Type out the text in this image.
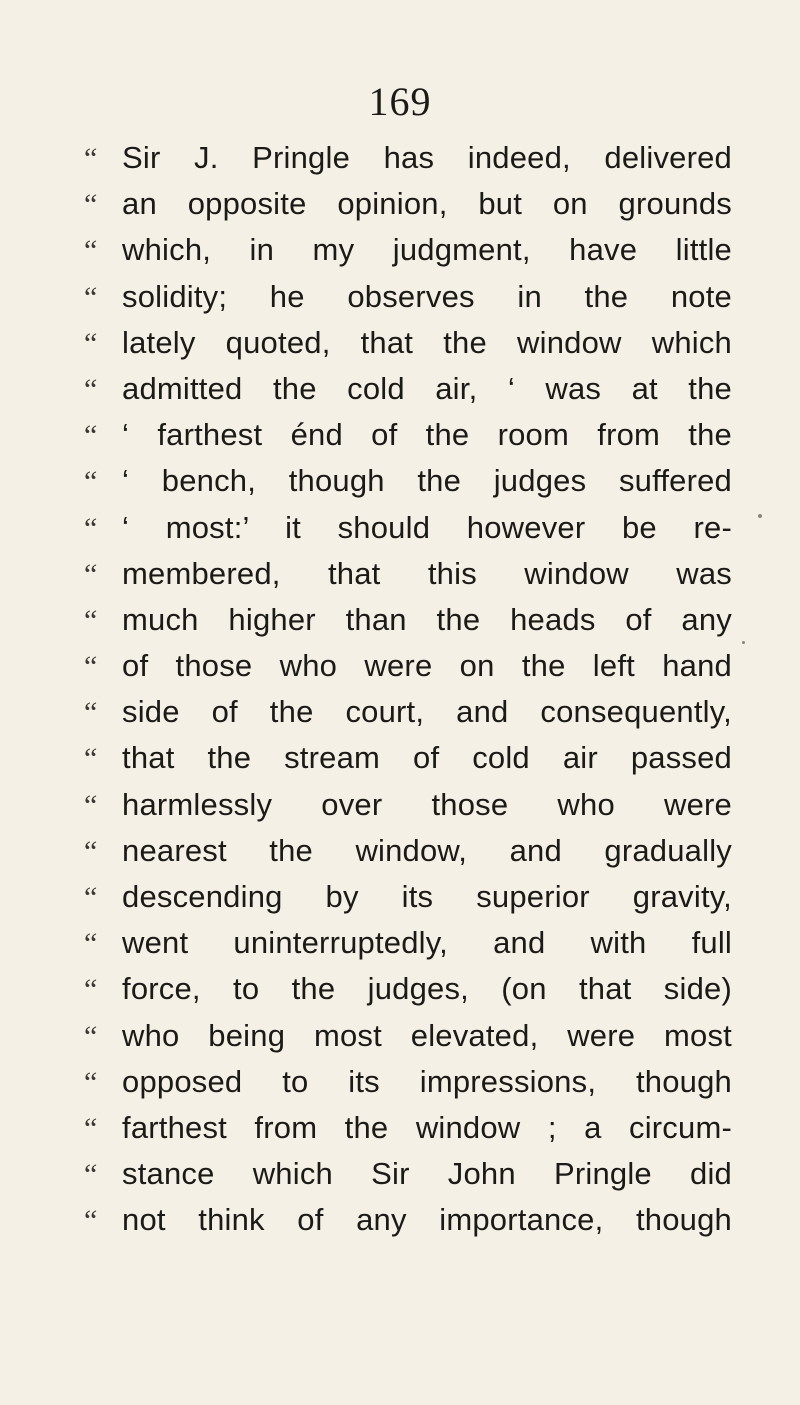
169
“ Sir J. Pringle has indeed, delivered
“ an opposite opinion, but on grounds
“ which, in my judgment, have little
“ solidity; he observes in the note
“ lately quoted, that the window which
“ admitted the cold air, ‘ was at the
“ ‘ farthest énd of the room from the
“ ‘ bench, though the judges suffered
“ ‘ most:’ it should however be re-
“ membered, that this window was
“ much higher than the heads of any
“ of those who were on the left hand
“ side of the court, and consequently,
“ that the stream of cold air passed
“ harmlessly over those who were
“ nearest the window, and gradually
“ descending by its superior gravity,
“ went uninterruptedly, and with full
“ force, to the judges, (on that side)
“ who being most elevated, were most
“ opposed to its impressions, though
“ farthest from the window ; a circum-
“ stance which Sir John Pringle did
“ not think of any importance, though
